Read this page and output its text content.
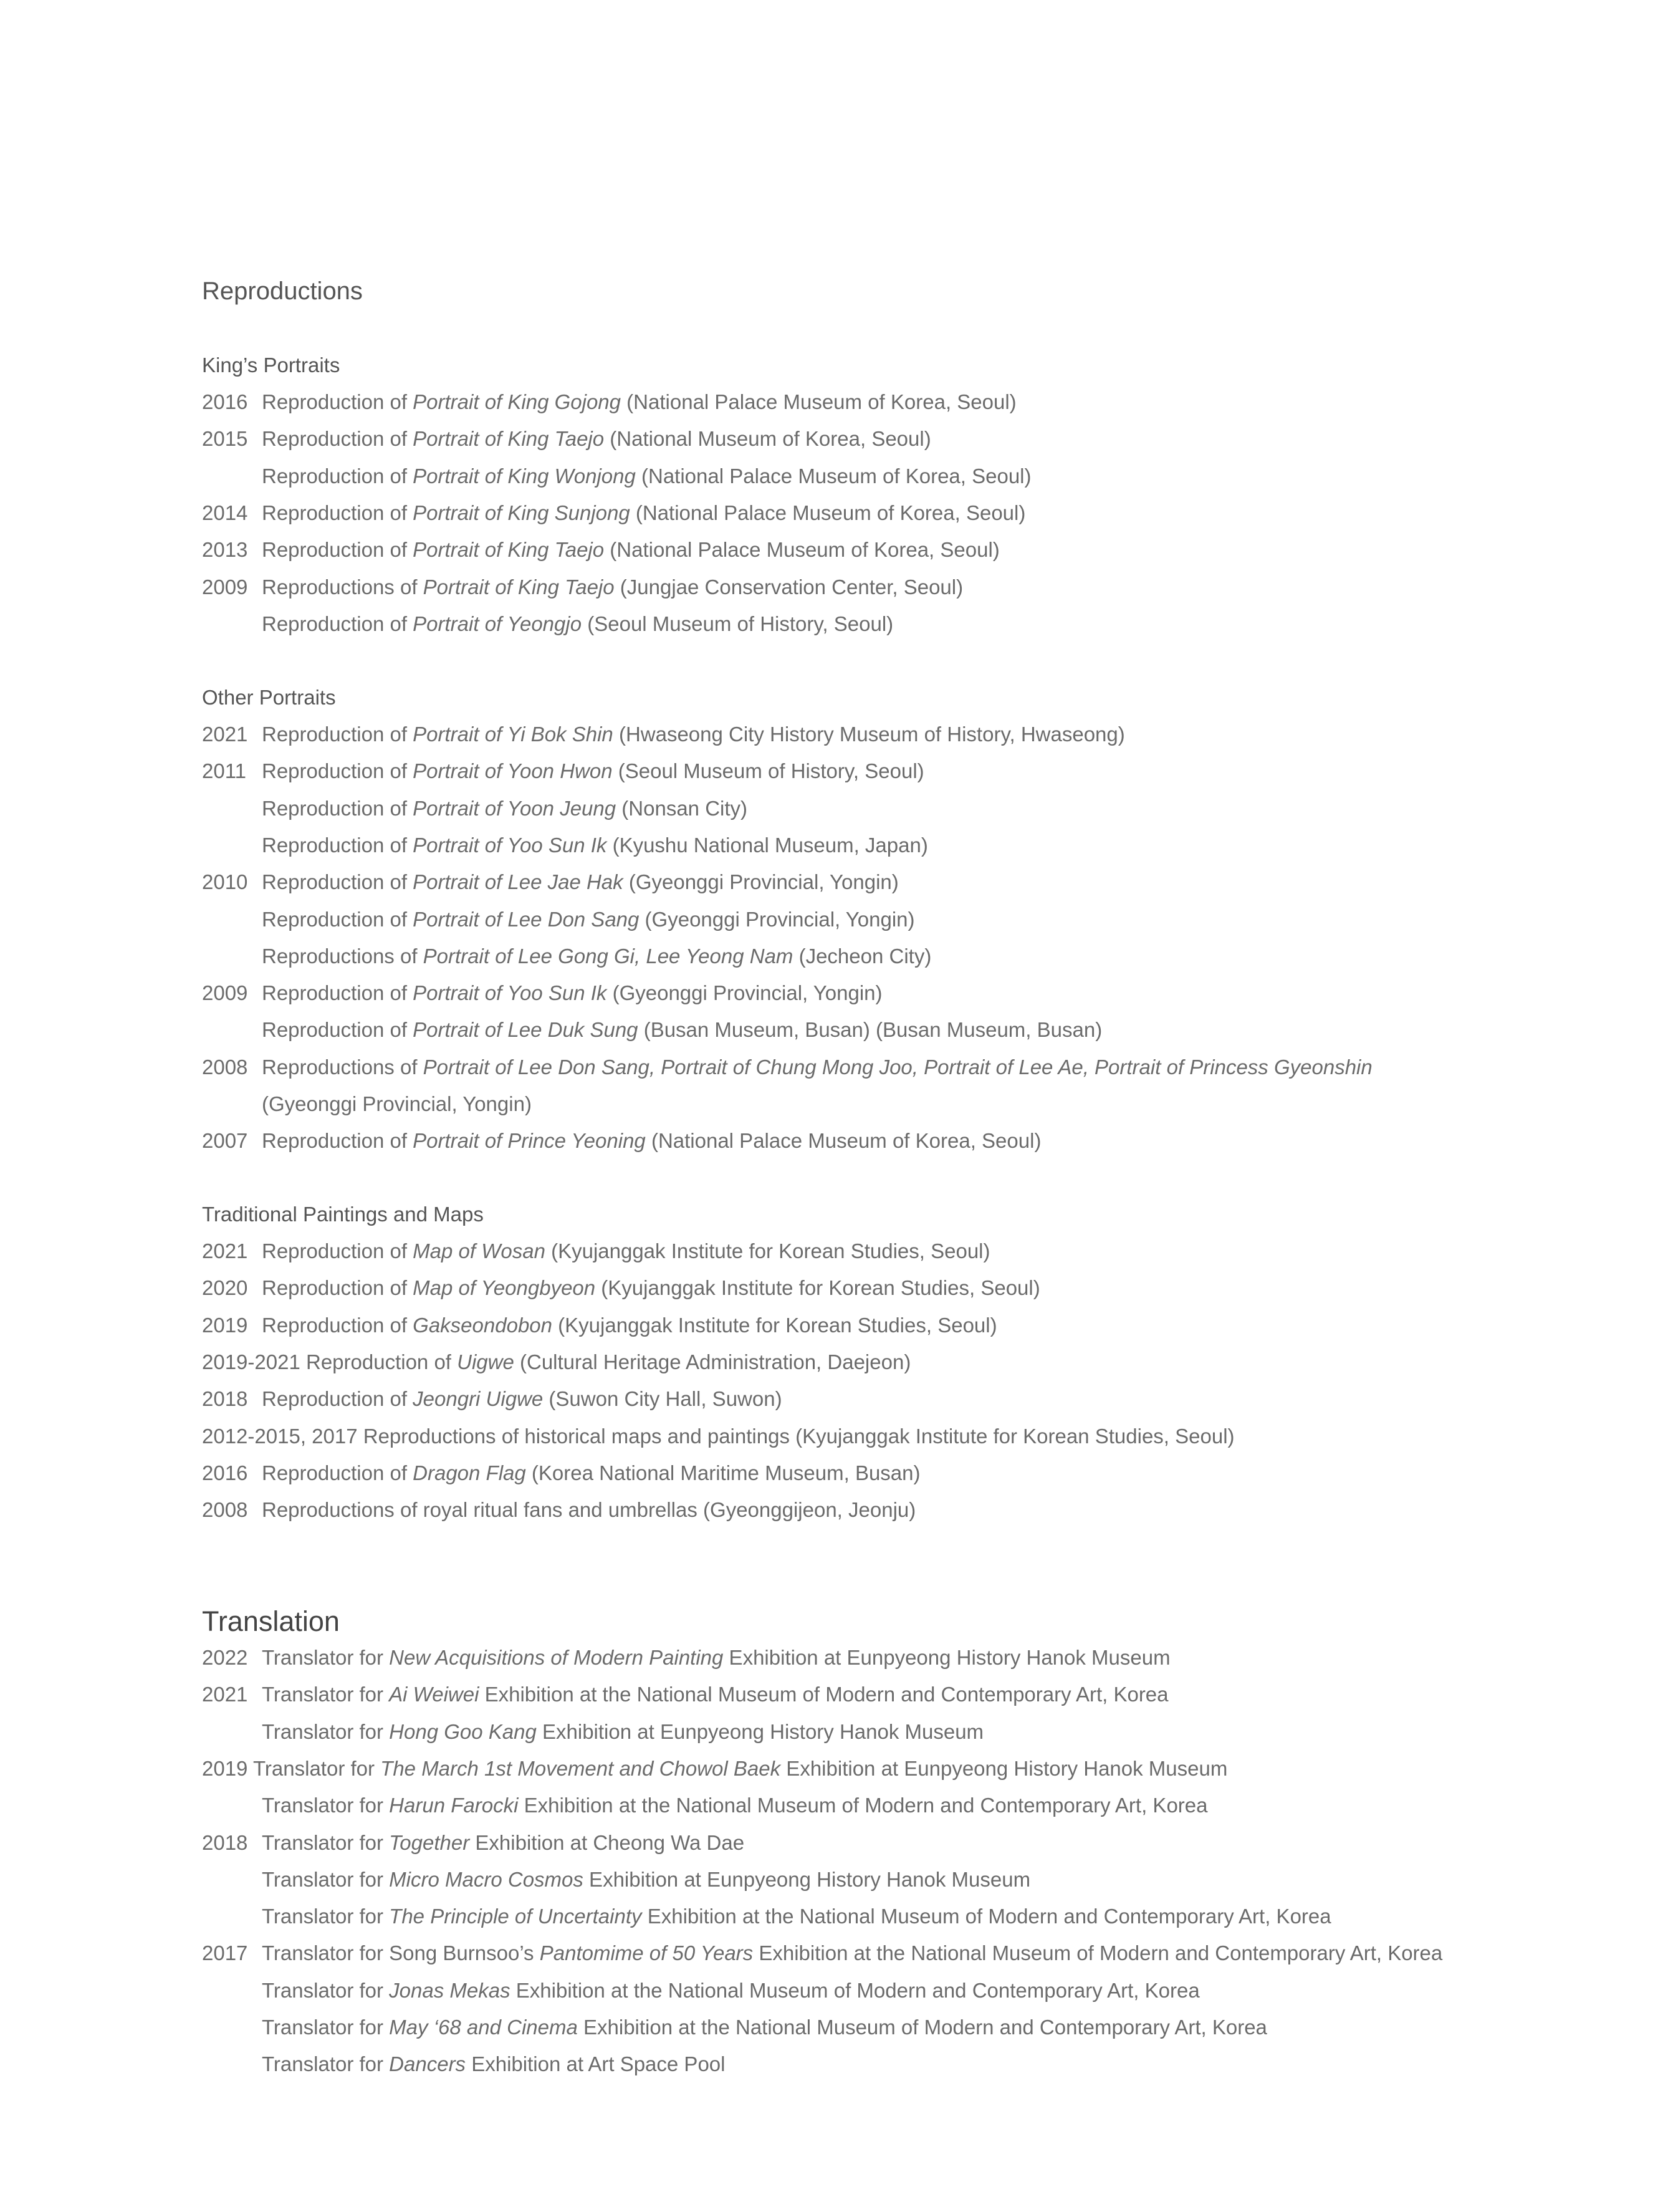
Reproductions
King’s Portraits
2016 Reproduction of Portrait of King Gojong (National Palace Museum of Korea, Seoul)
2015 Reproduction of Portrait of King Taejo (National Museum of Korea, Seoul)
Reproduction of Portrait of King Wonjong (National Palace Museum of Korea, Seoul)
2014 Reproduction of Portrait of King Sunjong (National Palace Museum of Korea, Seoul)
2013 Reproduction of Portrait of King Taejo (National Palace Museum of Korea, Seoul)
2009 Reproductions of Portrait of King Taejo (Jungjae Conservation Center, Seoul)
Reproduction of Portrait of Yeongjo (Seoul Museum of History, Seoul)
Other Portraits
2021 Reproduction of Portrait of Yi Bok Shin (Hwaseong City History Museum of History, Hwaseong)
2011 Reproduction of Portrait of Yoon Hwon (Seoul Museum of History, Seoul)
Reproduction of Portrait of Yoon Jeung (Nonsan City)
Reproduction of Portrait of Yoo Sun Ik (Kyushu National Museum, Japan)
2010 Reproduction of Portrait of Lee Jae Hak (Gyeonggi Provincial, Yongin)
Reproduction of Portrait of Lee Don Sang (Gyeonggi Provincial, Yongin)
Reproductions of Portrait of Lee Gong Gi, Lee Yeong Nam (Jecheon City)
2009 Reproduction of Portrait of Yoo Sun Ik (Gyeonggi Provincial, Yongin)
Reproduction of Portrait of Lee Duk Sung (Busan Museum, Busan) (Busan Museum, Busan)
2008 Reproductions of Portrait of Lee Don Sang, Portrait of Chung Mong Joo, Portrait of Lee Ae, Portrait of Princess Gyeonshin
(Gyeonggi Provincial, Yongin)
2007 Reproduction of Portrait of Prince Yeoning (National Palace Museum of Korea, Seoul)
Traditional Paintings and Maps
2021 Reproduction of Map of Wosan (Kyujanggak Institute for Korean Studies, Seoul)
2020 Reproduction of Map of Yeongbyeon (Kyujanggak Institute for Korean Studies, Seoul)
2019 Reproduction of Gakseondobon (Kyujanggak Institute for Korean Studies, Seoul)
2019-2021 Reproduction of Uigwe (Cultural Heritage Administration, Daejeon)
2018 Reproduction of Jeongri Uigwe (Suwon City Hall, Suwon)
2012-2015, 2017 Reproductions of historical maps and paintings (Kyujanggak Institute for Korean Studies, Seoul)
2016 Reproduction of Dragon Flag (Korea National Maritime Museum, Busan)
2008 Reproductions of royal ritual fans and umbrellas (Gyeonggijeon, Jeonju)
Translation
2022 Translator for New Acquisitions of Modern Painting Exhibition at Eunpyeong History Hanok Museum
2021 Translator for Ai Weiwei Exhibition at the National Museum of Modern and Contemporary Art, Korea
Translator for Hong Goo Kang Exhibition at Eunpyeong History Hanok Museum
2019 Translator for The March 1st Movement and Chowol Baek Exhibition at Eunpyeong History Hanok Museum
Translator for Harun Farocki Exhibition at the National Museum of Modern and Contemporary Art, Korea
2018 Translator for Together Exhibition at Cheong Wa Dae
Translator for Micro Macro Cosmos Exhibition at Eunpyeong History Hanok Museum
Translator for The Principle of Uncertainty Exhibition at the National Museum of Modern and Contemporary Art, Korea
2017 Translator for Song Burnsoo’s Pantomime of 50 Years Exhibition at the National Museum of Modern and Contemporary Art, Korea
Translator for Jonas Mekas Exhibition at the National Museum of Modern and Contemporary Art, Korea
Translator for May ‘68 and Cinema Exhibition at the National Museum of Modern and Contemporary Art, Korea
Translator for Dancers Exhibition at Art Space Pool
